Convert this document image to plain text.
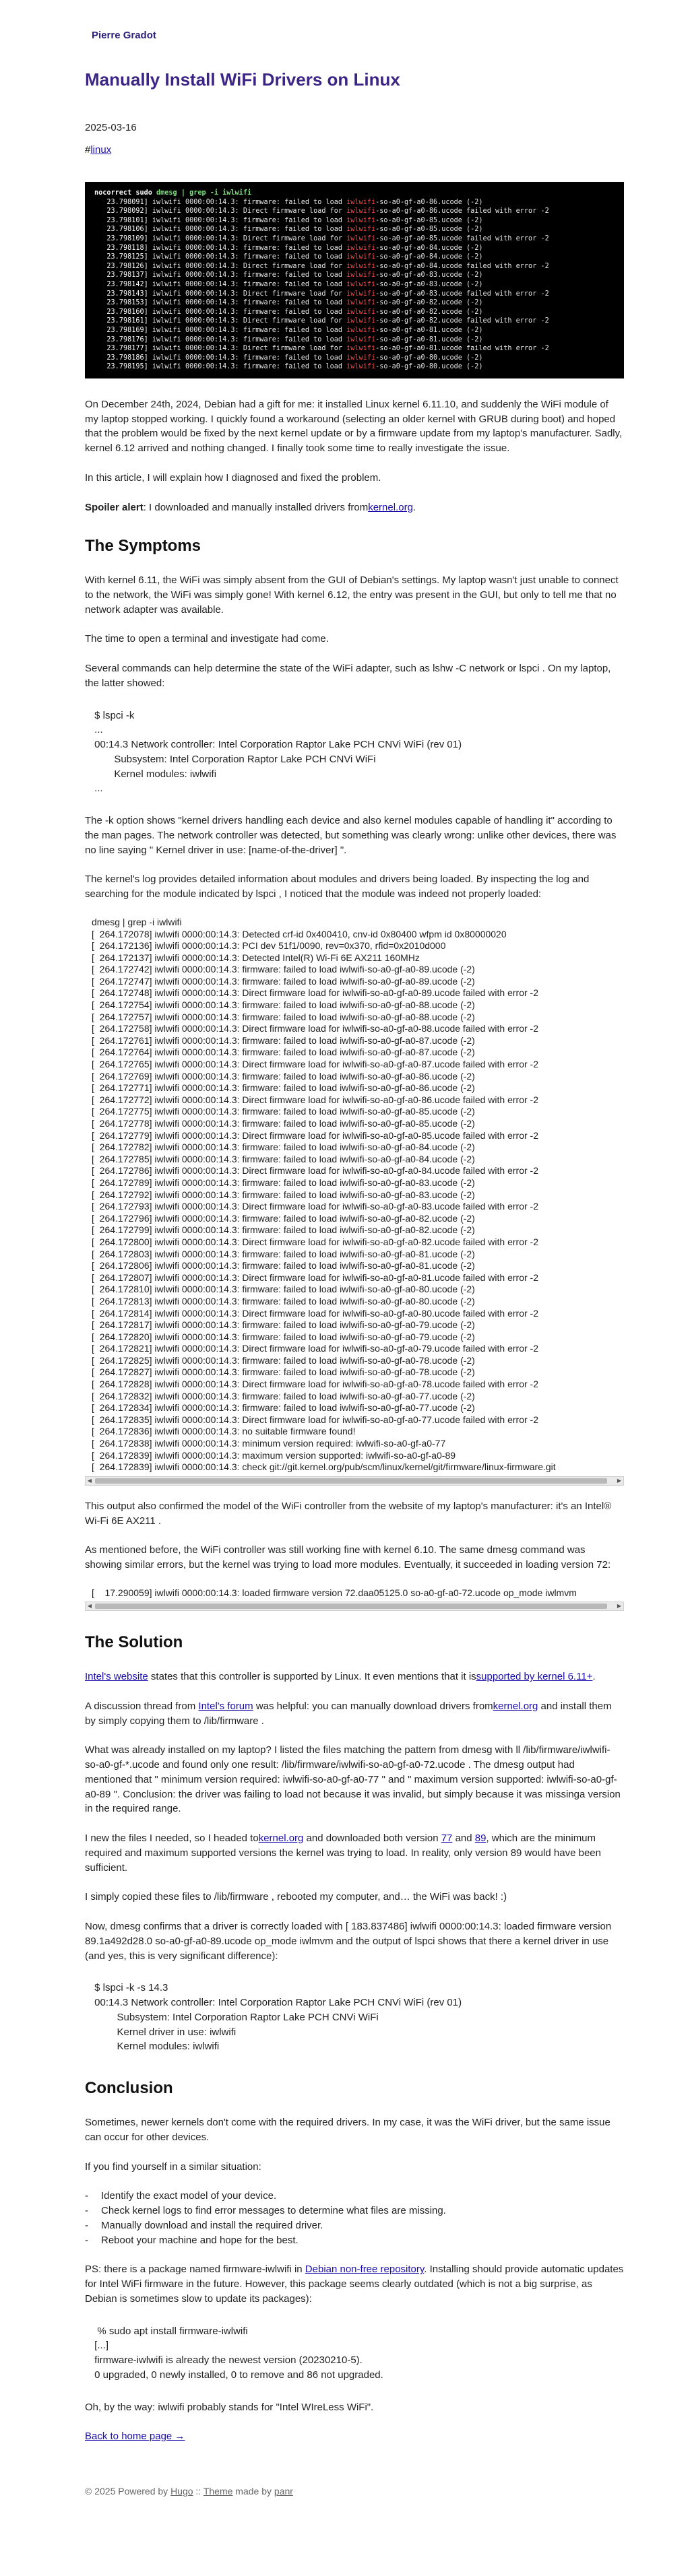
Pierre Gradot
Manually Install WiFi Drivers on Linux
2025-03-16
#linux
nocorrect sudo dmesg | grep -i iwlwifi
23.798091] iwlwifi 0000:00:14.3: firmware: failed to load iwlwifi-so-a0-gf-a0-86.ucode (-2)
23.798092] iwlwifi 0000:00:14.3: Direct firmware load for iwlwifi-so-a0-gf-a0-86.ucode failed with error -2
23.798101] iwlwifi 0000:00:14.3: firmware: failed to load iwlwifi-so-a0-gf-a0-85.ucode (-2)
23.798106] iwlwifi 0000:00:14.3: firmware: failed to load iwlwifi-so-a0-gf-a0-85.ucode (-2)
23.798109] iwlwifi 0000:00:14.3: Direct firmware load for iwlwifi-so-a0-gf-a0-85.ucode failed with error -2
23.798118] iwlwifi 0000:00:14.3: firmware: failed to load iwlwifi-so-a0-gf-a0-84.ucode (-2)
23.798125] iwlwifi 0000:00:14.3: firmware: failed to load iwlwifi-so-a0-gf-a0-84.ucode (-2)
23.798126] iwlwifi 0000:00:14.3: Direct firmware load for iwlwifi-so-a0-gf-a0-84.ucode failed with error -2
23.798137] iwlwifi 0000:00:14.3: firmware: failed to load iwlwifi-so-a0-gf-a0-83.ucode (-2)
23.798142] iwlwifi 0000:00:14.3: firmware: failed to load iwlwifi-so-a0-gf-a0-83.ucode (-2)
23.798143] iwlwifi 0000:00:14.3: Direct firmware load for iwlwifi-so-a0-gf-a0-83.ucode failed with error -2
23.798153] iwlwifi 0000:00:14.3: firmware: failed to load iwlwifi-so-a0-gf-a0-82.ucode (-2)
23.798160] iwlwifi 0000:00:14.3: firmware: failed to load iwlwifi-so-a0-gf-a0-82.ucode (-2)
23.798161] iwlwifi 0000:00:14.3: Direct firmware load for iwlwifi-so-a0-gf-a0-82.ucode failed with error -2
23.798169] iwlwifi 0000:00:14.3: firmware: failed to load iwlwifi-so-a0-gf-a0-81.ucode (-2)
23.798176] iwlwifi 0000:00:14.3: firmware: failed to load iwlwifi-so-a0-gf-a0-81.ucode (-2)
23.798177] iwlwifi 0000:00:14.3: Direct firmware load for iwlwifi-so-a0-gf-a0-81.ucode failed with error -2
23.798186] iwlwifi 0000:00:14.3: firmware: failed to load iwlwifi-so-a0-gf-a0-80.ucode (-2)
23.798195] iwlwifi 0000:00:14.3: firmware: failed to load iwlwifi-so-a0-gf-a0-80.ucode (-2)

On December 24th, 2024, Debian had a gift for me: it installed Linux kernel 6.11.10, and suddenly the WiFi module of my laptop stopped working. I quickly found a workaround (selecting an older kernel with GRUB during boot) and hoped that the problem would be fixed by the next kernel update or by a firmware update from my laptop's manufacturer. Sadly, kernel 6.12 arrived and nothing changed. I finally took some time to really investigate the issue.

In this article, I will explain how I diagnosed and fixed the problem.

Spoiler alert: I downloaded and manually installed drivers fromkernel.org.

The Symptoms

With kernel 6.11, the WiFi was simply absent from the GUI of Debian's settings. My laptop wasn't just unable to connect to the network, the WiFi was simply gone! With kernel 6.12, the entry was present in the GUI, but only to tell me that no network adapter was available.

The time to open a terminal and investigate had come.

Several commands can help determine the state of the WiFi adapter, such as lshw -C network or lspci . On my laptop, the latter showed:

$ lspci -k
...
00:14.3 Network controller: Intel Corporation Raptor Lake PCH CNVi WiFi (rev 01)
Subsystem: Intel Corporation Raptor Lake PCH CNVi WiFi
Kernel modules: iwlwifi
...

The -k option shows "kernel drivers handling each device and also kernel modules capable of handling it" according to the man pages. The network controller was detected, but something was clearly wrong: unlike other devices, there was no line saying " Kernel driver in use: [name-of-the-driver] ".

The kernel's log provides detailed information about modules and drivers being loaded. By inspecting the log and searching for the module indicated by lspci , I noticed that the module was indeed not properly loaded:

dmesg | grep -i iwlwifi
[  264.172078] iwlwifi 0000:00:14.3: Detected crf-id 0x400410, cnv-id 0x80400 wfpm id 0x80000020
[  264.172136] iwlwifi 0000:00:14.3: PCI dev 51f1/0090, rev=0x370, rfid=0x2010d000
[  264.172137] iwlwifi 0000:00:14.3: Detected Intel(R) Wi-Fi 6E AX211 160MHz
[  264.172742] iwlwifi 0000:00:14.3: firmware: failed to load iwlwifi-so-a0-gf-a0-89.ucode (-2)
[  264.172747] iwlwifi 0000:00:14.3: firmware: failed to load iwlwifi-so-a0-gf-a0-89.ucode (-2)
[  264.172748] iwlwifi 0000:00:14.3: Direct firmware load for iwlwifi-so-a0-gf-a0-89.ucode failed with error -2
[  264.172754] iwlwifi 0000:00:14.3: firmware: failed to load iwlwifi-so-a0-gf-a0-88.ucode (-2)
[  264.172757] iwlwifi 0000:00:14.3: firmware: failed to load iwlwifi-so-a0-gf-a0-88.ucode (-2)
[  264.172758] iwlwifi 0000:00:14.3: Direct firmware load for iwlwifi-so-a0-gf-a0-88.ucode failed with error -2
[  264.172761] iwlwifi 0000:00:14.3: firmware: failed to load iwlwifi-so-a0-gf-a0-87.ucode (-2)
[  264.172764] iwlwifi 0000:00:14.3: firmware: failed to load iwlwifi-so-a0-gf-a0-87.ucode (-2)
[  264.172765] iwlwifi 0000:00:14.3: Direct firmware load for iwlwifi-so-a0-gf-a0-87.ucode failed with error -2
[  264.172769] iwlwifi 0000:00:14.3: firmware: failed to load iwlwifi-so-a0-gf-a0-86.ucode (-2)
[  264.172771] iwlwifi 0000:00:14.3: firmware: failed to load iwlwifi-so-a0-gf-a0-86.ucode (-2)
[  264.172772] iwlwifi 0000:00:14.3: Direct firmware load for iwlwifi-so-a0-gf-a0-86.ucode failed with error -2
[  264.172775] iwlwifi 0000:00:14.3: firmware: failed to load iwlwifi-so-a0-gf-a0-85.ucode (-2)
[  264.172778] iwlwifi 0000:00:14.3: firmware: failed to load iwlwifi-so-a0-gf-a0-85.ucode (-2)
[  264.172779] iwlwifi 0000:00:14.3: Direct firmware load for iwlwifi-so-a0-gf-a0-85.ucode failed with error -2
[  264.172782] iwlwifi 0000:00:14.3: firmware: failed to load iwlwifi-so-a0-gf-a0-84.ucode (-2)
[  264.172785] iwlwifi 0000:00:14.3: firmware: failed to load iwlwifi-so-a0-gf-a0-84.ucode (-2)
[  264.172786] iwlwifi 0000:00:14.3: Direct firmware load for iwlwifi-so-a0-gf-a0-84.ucode failed with error -2
[  264.172789] iwlwifi 0000:00:14.3: firmware: failed to load iwlwifi-so-a0-gf-a0-83.ucode (-2)
[  264.172792] iwlwifi 0000:00:14.3: firmware: failed to load iwlwifi-so-a0-gf-a0-83.ucode (-2)
[  264.172793] iwlwifi 0000:00:14.3: Direct firmware load for iwlwifi-so-a0-gf-a0-83.ucode failed with error -2
[  264.172796] iwlwifi 0000:00:14.3: firmware: failed to load iwlwifi-so-a0-gf-a0-82.ucode (-2)
[  264.172799] iwlwifi 0000:00:14.3: firmware: failed to load iwlwifi-so-a0-gf-a0-82.ucode (-2)
[  264.172800] iwlwifi 0000:00:14.3: Direct firmware load for iwlwifi-so-a0-gf-a0-82.ucode failed with error -2
[  264.172803] iwlwifi 0000:00:14.3: firmware: failed to load iwlwifi-so-a0-gf-a0-81.ucode (-2)
[  264.172806] iwlwifi 0000:00:14.3: firmware: failed to load iwlwifi-so-a0-gf-a0-81.ucode (-2)
[  264.172807] iwlwifi 0000:00:14.3: Direct firmware load for iwlwifi-so-a0-gf-a0-81.ucode failed with error -2
[  264.172810] iwlwifi 0000:00:14.3: firmware: failed to load iwlwifi-so-a0-gf-a0-80.ucode (-2)
[  264.172813] iwlwifi 0000:00:14.3: firmware: failed to load iwlwifi-so-a0-gf-a0-80.ucode (-2)
[  264.172814] iwlwifi 0000:00:14.3: Direct firmware load for iwlwifi-so-a0-gf-a0-80.ucode failed with error -2
[  264.172817] iwlwifi 0000:00:14.3: firmware: failed to load iwlwifi-so-a0-gf-a0-79.ucode (-2)
[  264.172820] iwlwifi 0000:00:14.3: firmware: failed to load iwlwifi-so-a0-gf-a0-79.ucode (-2)
[  264.172821] iwlwifi 0000:00:14.3: Direct firmware load for iwlwifi-so-a0-gf-a0-79.ucode failed with error -2
[  264.172825] iwlwifi 0000:00:14.3: firmware: failed to load iwlwifi-so-a0-gf-a0-78.ucode (-2)
[  264.172827] iwlwifi 0000:00:14.3: firmware: failed to load iwlwifi-so-a0-gf-a0-78.ucode (-2)
[  264.172828] iwlwifi 0000:00:14.3: Direct firmware load for iwlwifi-so-a0-gf-a0-78.ucode failed with error -2
[  264.172832] iwlwifi 0000:00:14.3: firmware: failed to load iwlwifi-so-a0-gf-a0-77.ucode (-2)
[  264.172834] iwlwifi 0000:00:14.3: firmware: failed to load iwlwifi-so-a0-gf-a0-77.ucode (-2)
[  264.172835] iwlwifi 0000:00:14.3: Direct firmware load for iwlwifi-so-a0-gf-a0-77.ucode failed with error -2
[  264.172836] iwlwifi 0000:00:14.3: no suitable firmware found!
[  264.172838] iwlwifi 0000:00:14.3: minimum version required: iwlwifi-so-a0-gf-a0-77
[  264.172839] iwlwifi 0000:00:14.3: maximum version supported: iwlwifi-so-a0-gf-a0-89
[  264.172839] iwlwifi 0000:00:14.3: check git://git.kernel.org/pub/scm/linux/kernel/git/firmware/linux-firmware.git
◀	▶

This output also confirmed the model of the WiFi controller from the website of my laptop's manufacturer: it's an Intel® Wi-Fi 6E AX211 .

As mentioned before, the WiFi controller was still working fine with kernel 6.10. The same dmesg command was showing similar errors, but the kernel was trying to load more modules. Eventually, it succeeded in loading version 72:

[    17.290059] iwlwifi 0000:00:14.3: loaded firmware version 72.daa05125.0 so-a0-gf-a0-72.ucode op_mode iwlmvm
◀	▶
The Solution

Intel's website states that this controller is supported by Linux. It even mentions that it issupported by kernel 6.11+.

A discussion thread from Intel's forum was helpful: you can manually download drivers fromkernel.org and install them by simply copying them to /lib/firmware .

What was already installed on my laptop? I listed the files matching the pattern from dmesg with ll /lib/firmware/iwlwifi-so-a0-gf-*.ucode and found only one result: /lib/firmware/iwlwifi-so-a0-gf-a0-72.ucode . The dmesg output had mentioned that " minimum version required: iwlwifi-so-a0-gf-a0-77 " and " maximum version supported: iwlwifi-so-a0-gf-a0-89 ". Conclusion: the driver was failing to load not because it was invalid, but simply because it was missinga version in the required range.

I new the files I needed, so I headed tokernel.org and downloaded both version 77 and 89, which are the minimum required and maximum supported versions the kernel was trying to load. In reality, only version 89 would have been sufficient.

I simply copied these files to /lib/firmware , rebooted my computer, and… the WiFi was back! :)

Now, dmesg confirms that a driver is correctly loaded with [ 183.837486] iwlwifi 0000:00:14.3: loaded firmware version 89.1a492d28.0 so-a0-gf-a0-89.ucode op_mode iwlmvm and the output of lspci shows that there a kernel driver in use (and yes, this is very significant difference):

$ lspci -k -s 14.3
00:14.3 Network controller: Intel Corporation Raptor Lake PCH CNVi WiFi (rev 01)
Subsystem: Intel Corporation Raptor Lake PCH CNVi WiFi
Kernel driver in use: iwlwifi
Kernel modules: iwlwifi
Conclusion

Sometimes, newer kernels don't come with the required drivers. In my case, it was the WiFi driver, but the same issue can occur for other devices.

If you find yourself in a similar situation:

- Identify the exact model of your device.
- Check kernel logs to find error messages to determine what files are missing.
- Manually download and install the required driver.
- Reboot your machine and hope for the best.

PS: there is a package named firmware-iwlwifi in Debian non-free repository. Installing should provide automatic updates for Intel WiFi firmware in the future. However, this package seems clearly outdated (which is not a big surprise, as Debian is sometimes slow to update its packages):

% sudo apt install firmware-iwlwifi
[...]
firmware-iwlwifi is already the newest version (20230210-5).
0 upgraded, 0 newly installed, 0 to remove and 86 not upgraded.

Oh, by the way: iwlwifi probably stands for "Intel WIreLess WiFi".

Back to home page →

© 2025 Powered by Hugo :: Theme made by panr
